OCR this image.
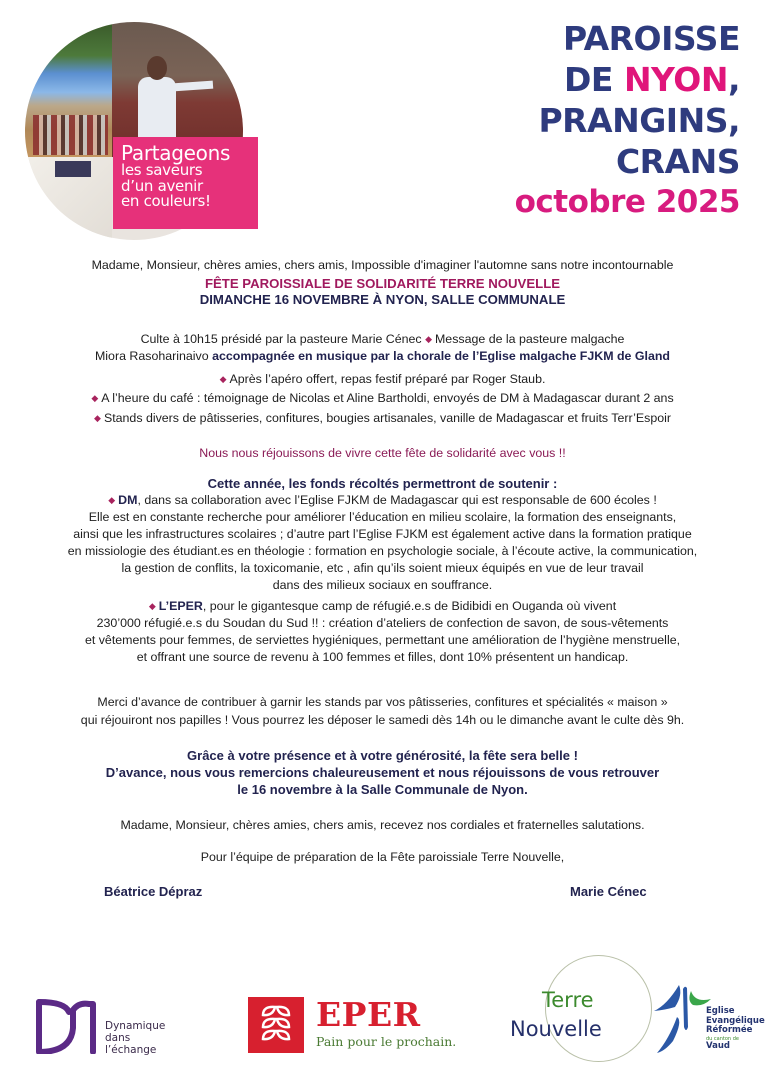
Partageons
les saveurs
d’un avenir
en couleurs!
PAROISSE
DE NYON,
PRANGINS,
CRANS
octobre 2025
Madame, Monsieur, chères amies, chers amis, Impossible d'imaginer l'automne sans notre incontournable
FÊTE PAROISSIALE DE SOLIDARITÉ TERRE NOUVELLE
DIMANCHE 16 NOVEMBRE À NYON, SALLE COMMUNALE
Culte à 10h15 présidé par la pasteure Marie Cénec ◆ Message de la pasteure malgache
Miora Rasoharinaivo accompagnée en musique par la chorale de l’Eglise malgache FJKM de Gland
◆ Après l’apéro offert, repas festif préparé par Roger Staub.
◆ A l’heure du café : témoignage de Nicolas et Aline Bartholdi, envoyés de DM à Madagascar durant 2 ans
◆ Stands divers de pâtisseries, confitures, bougies artisanales, vanille de Madagascar et fruits Terr’Espoir
Nous nous réjouissons de vivre cette fête de solidarité avec vous !!
Cette année, les fonds récoltés permettront de soutenir :
◆ DM, dans sa collaboration avec l’Eglise FJKM de Madagascar qui est responsable de 600 écoles !
Elle est en constante recherche pour améliorer l’éducation en milieu scolaire, la formation des enseignants,
ainsi que les infrastructures scolaires ; d’autre part l’Eglise FJKM est également active dans la formation pratique
en missiologie des étudiant.es en théologie : formation en psychologie sociale, à l’écoute active, la communication,
la gestion de conflits, la toxicomanie, etc , afin qu’ils soient mieux équipés en vue de leur travail
dans des milieux sociaux en souffrance.
◆ L’EPER, pour le gigantesque camp de réfugié.e.s de Bidibidi en Ouganda où vivent
230’000 réfugié.e.s du Soudan du Sud !! : création d’ateliers de confection de savon, de sous-vêtements
et vêtements pour femmes, de serviettes hygiéniques, permettant une amélioration de l’hygiène menstruelle,
et offrant une source de revenu à 100 femmes et filles, dont 10% présentent un handicap.
Merci d’avance de contribuer à garnir les stands par vos pâtisseries, confitures et spécialités « maison »
qui réjouiront nos papilles ! Vous pourrez les déposer le samedi dès 14h ou le dimanche avant le culte dès 9h.
Grâce à votre présence et à votre générosité, la fête sera belle !
D’avance, nous vous remercions chaleureusement et nous réjouissons de vous retrouver
le 16 novembre à la Salle Communale de Nyon.
Madame, Monsieur, chères amies, chers amis, recevez nos cordiales et fraternelles salutations.
Pour l’équipe de préparation de la Fête paroissiale Terre Nouvelle,
Béatrice Dépraz	Marie Cénec
Dynamique
dans
l’échange
EPER
Pain pour le prochain.
Terre
Nouvelle
Eglise
Evangélique
Réformée
du canton de
Vaud
